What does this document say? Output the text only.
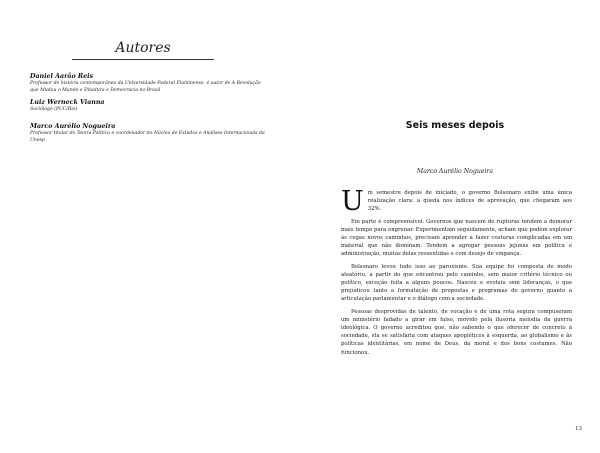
Autores

Daniel Aarão Reis

Professor de história contemporânea da Universidade Federal Fluminense, é autor de A Revolução que Mudou o Mundo e Ditadura e Democracia no Brasil

Luiz Werneck Vianna

Sociólogo (PUC/Rio)

Marco Aurélio Nogueira

Professor titular de Teoria Política e coordenador do Núcleo de Estudos e Análises Internacionais da Unesp

Seis meses depois

Marco Aurélio Nogueira

Um semestre depois de iniciado, o governo Bolsonaro exibe uma única realização clara: a queda nos índices de aprovação, que chegaram aos 32%.

Em parte é compreensível. Governos que nascem de rupturas tendem a demorar mais tempo para engrenar. Experimentam seguidamente, acham que podem explorar às cegas novos caminhos, precisam aprender a fazer costuras complicadas em um material que não dominam. Tendem a agregar pessoas jejunas em política e administração, muitas delas ressentidas e com desejo de vingança.

Bolsonaro levou tudo isso ao paroxismo. Sua equipe foi composta de modo aleatório, a partir do que encontrou pelo caminho, sem maior critério técnico ou político, exceção feita a alguns poucos. Nasceu e evoluiu sem lideranças, o que prejudicou tanto a formatação de propostas e programas de governo quanto a articulação parlamentar e o diálogo com a sociedade.

Pessoas desprovidas de talento, de vocação e de uma rota segura compuseram um ministério fadado a girar em falso, movido pela ilusória melodia da guerra ideológica. O governo acreditou que, não sabendo o que oferecer de concreto à sociedade, ela se satisfaria com ataques apopléticos à esquerda, ao globalismo e às políticas identitárias, em nome de Deus, da moral e dos bons costumes. Não funcionou.

13
